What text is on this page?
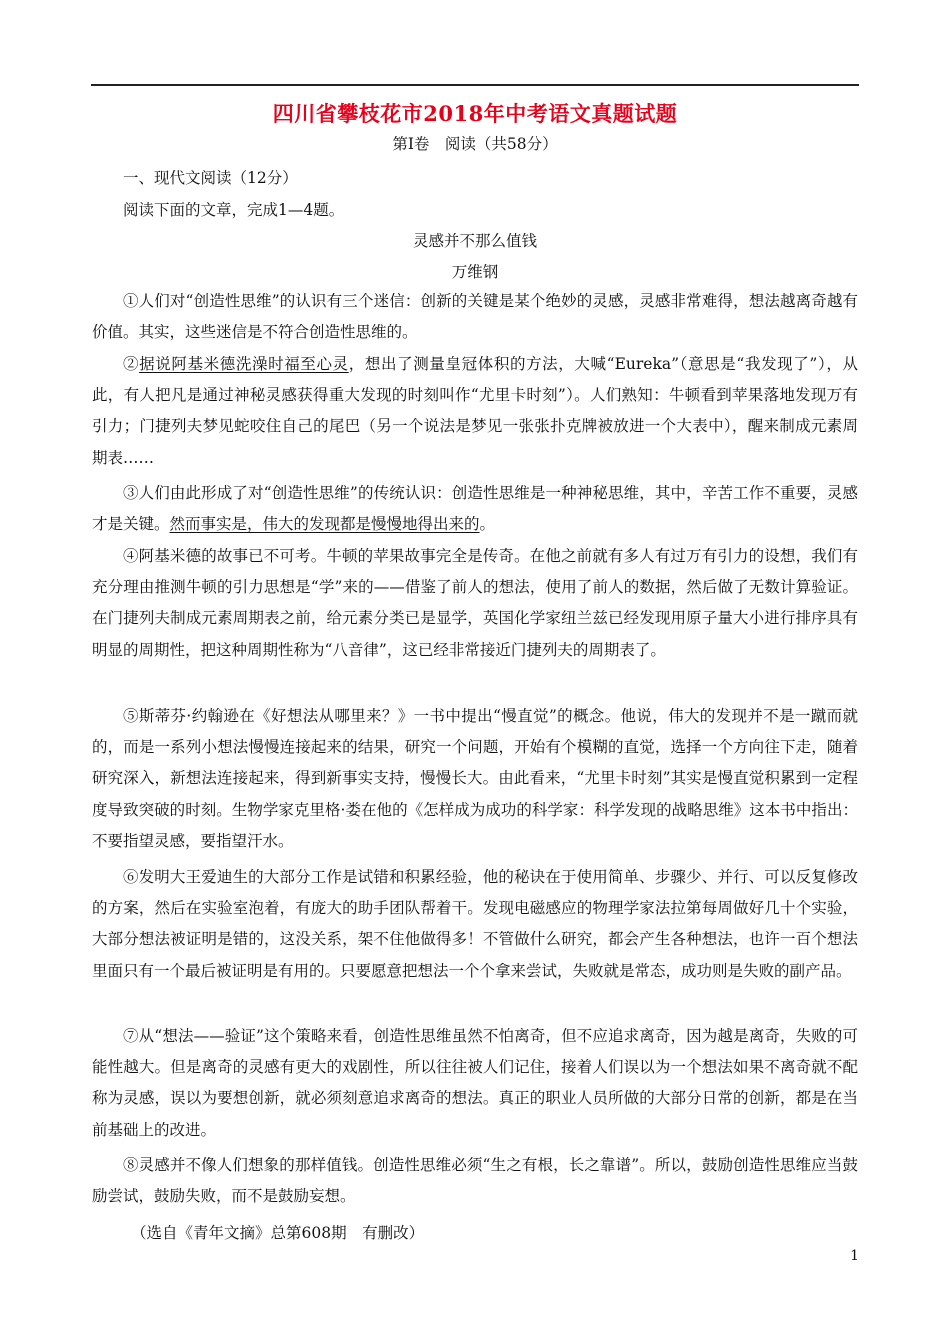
四川省攀枝花市2018年中考语文真题试题
第Ⅰ卷　阅读（共58分）
一、现代文阅读（12分）
阅读下面的文章，完成1—4题。
灵感并不那么值钱
万维钢

①人们对“创造性思维”的认识有三个迷信：创新的关键是某个绝妙的灵感，灵感非常难得，想法越离奇越有价值。其实，这些迷信是不符合创造性思维的。

②据说阿基米德洗澡时福至心灵，想出了测量皇冠体积的方法，大喊“Eureka”（意思是“我发现了”），从此，有人把凡是通过神秘灵感获得重大发现的时刻叫作“尤里卡时刻”）。人们熟知：牛顿看到苹果落地发现万有引力；门捷列夫梦见蛇咬住自己的尾巴（另一个说法是梦见一张张扑克牌被放进一个大表中），醒来制成元素周期表……

③人们由此形成了对“创造性思维”的传统认识：创造性思维是一种神秘思维，其中，辛苦工作不重要，灵感才是关键。然而事实是，伟大的发现都是慢慢地得出来的。

④阿基米德的故事已不可考。牛顿的苹果故事完全是传奇。在他之前就有多人有过万有引力的设想，我们有充分理由推测牛顿的引力思想是“学”来的——借鉴了前人的想法，使用了前人的数据，然后做了无数计算验证。在门捷列夫制成元素周期表之前，给元素分类已是显学，英国化学家纽兰兹已经发现用原子量大小进行排序具有明显的周期性，把这种周期性称为“八音律”，这已经非常接近门捷列夫的周期表了。

⑤斯蒂芬·约翰逊在《好想法从哪里来？》一书中提出“慢直觉”的概念。他说，伟大的发现并不是一蹴而就的，而是一系列小想法慢慢连接起来的结果，研究一个问题，开始有个模糊的直觉，选择一个方向往下走，随着研究深入，新想法连接起来，得到新事实支持，慢慢长大。由此看来，“尤里卡时刻”其实是慢直觉积累到一定程度导致突破的时刻。生物学家克里格·娄在他的《怎样成为成功的科学家：科学发现的战略思维》这本书中指出：不要指望灵感，要指望汗水。

⑥发明大王爱迪生的大部分工作是试错和积累经验，他的秘诀在于使用简单、步骤少、并行、可以反复修改的方案，然后在实验室泡着，有庞大的助手团队帮着干。发现电磁感应的物理学家法拉第每周做好几十个实验，大部分想法被证明是错的，这没关系，架不住他做得多！不管做什么研究，都会产生各种想法，也许一百个想法里面只有一个最后被证明是有用的。只要愿意把想法一个个拿来尝试，失败就是常态，成功则是失败的副产品。

⑦从“想法——验证”这个策略来看，创造性思维虽然不怕离奇，但不应追求离奇，因为越是离奇，失败的可能性越大。但是离奇的灵感有更大的戏剧性，所以往往被人们记住，接着人们误以为一个想法如果不离奇就不配称为灵感，误以为要想创新，就必须刻意追求离奇的想法。真正的职业人员所做的大部分日常的创新，都是在当前基础上的改进。

⑧灵感并不像人们想象的那样值钱。创造性思维必须“生之有根，长之靠谱”。所以，鼓励创造性思维应当鼓励尝试，鼓励失败，而不是鼓励妄想。

（选自《青年文摘》总第608期　有删改）
1
